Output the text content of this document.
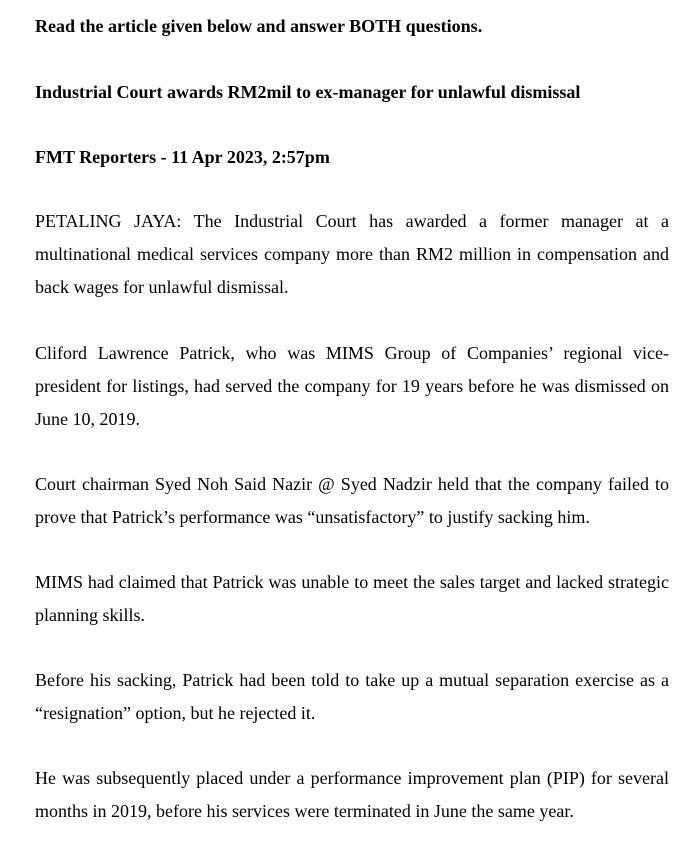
Read the article given below and answer BOTH questions.
Industrial Court awards RM2mil to ex-manager for unlawful dismissal
FMT Reporters - 11 Apr 2023, 2:57pm

PETALING JAYA: The Industrial Court has awarded a former manager at a multinational medical services company more than RM2 million in compensation and back wages for unlawful dismissal.

Cliford Lawrence Patrick, who was MIMS Group of Companies’ regional vice-president for listings, had served the company for 19 years before he was dismissed on June 10, 2019.

Court chairman Syed Noh Said Nazir @ Syed Nadzir held that the company failed to prove that Patrick’s performance was “unsatisfactory” to justify sacking him.

MIMS had claimed that Patrick was unable to meet the sales target and lacked strategic planning skills.

Before his sacking, Patrick had been told to take up a mutual separation exercise as a “resignation” option, but he rejected it.

He was subsequently placed under a performance improvement plan (PIP) for several months in 2019, before his services were terminated in June the same year.
